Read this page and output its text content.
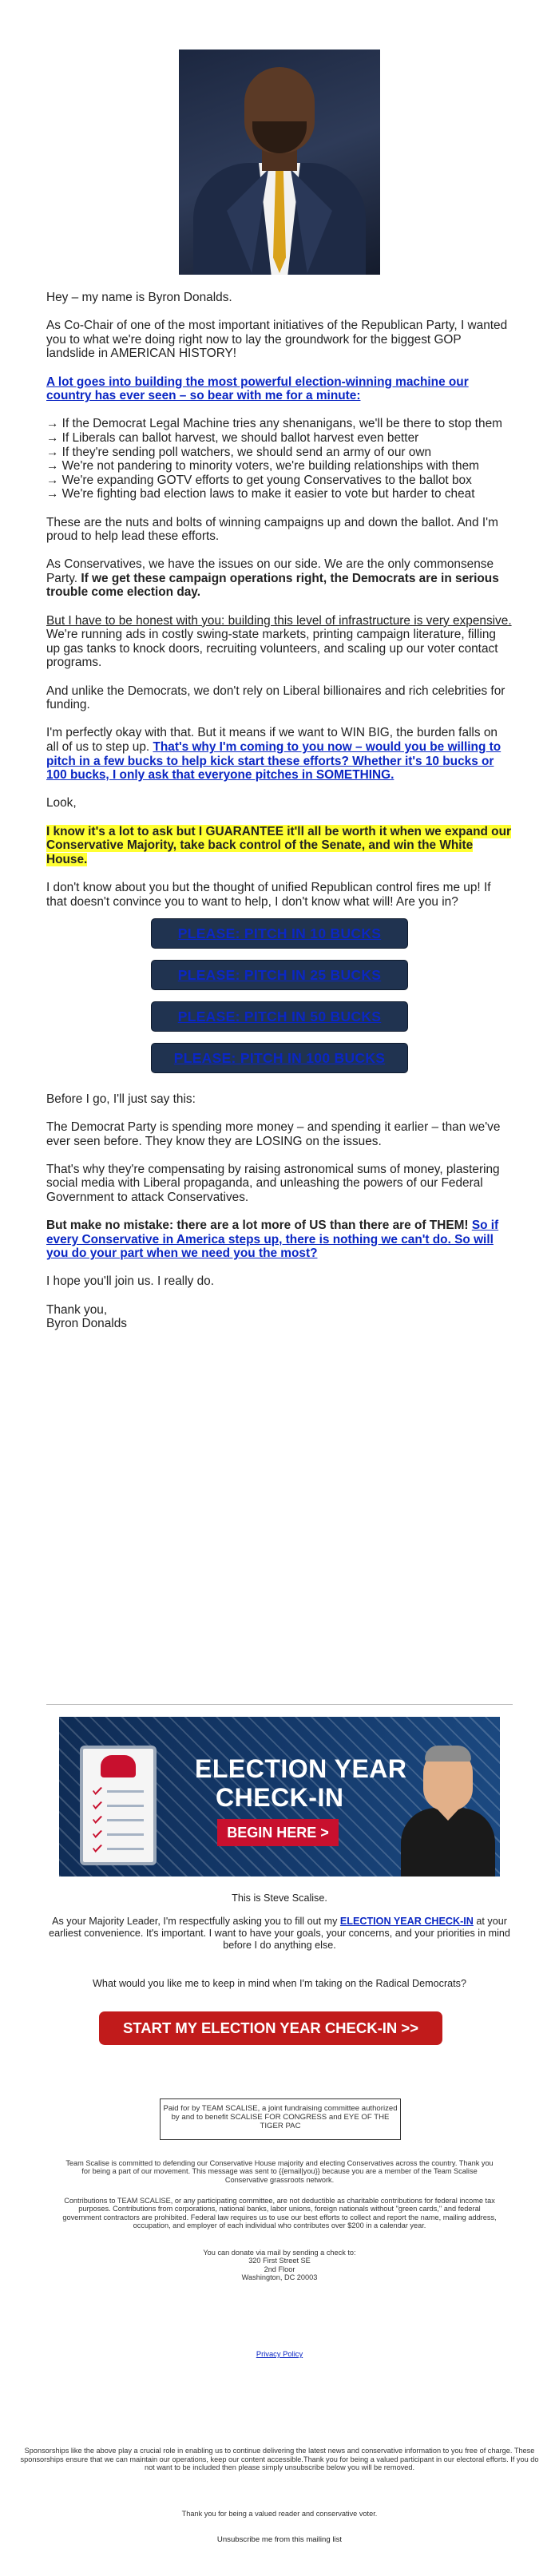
Hey – my name is Byron Donalds.

As Co-Chair of one of the most important initiatives of the Republican Party, I wanted you to what we're doing right now to lay the groundwork for the biggest GOP landslide in AMERICAN HISTORY!

A lot goes into building the most powerful election-winning machine our country has ever seen – so bear with me for a minute:

→ If the Democrat Legal Machine tries any shenanigans, we'll be there to stop them
→ If Liberals can ballot harvest, we should ballot harvest even better
→ If they're sending poll watchers, we should send an army of our own
→ We're not pandering to minority voters, we're building relationships with them
→ We're expanding GOTV efforts to get young Conservatives to the ballot box
→ We're fighting bad election laws to make it easier to vote but harder to cheat

These are the nuts and bolts of winning campaigns up and down the ballot. And I'm proud to help lead these efforts.

As Conservatives, we have the issues on our side. We are the only commonsense Party. If we get these campaign operations right, the Democrats are in serious trouble come election day.

But I have to be honest with you: building this level of infrastructure is very expensive. We're running ads in costly swing-state markets, printing campaign literature, filling up gas tanks to knock doors, recruiting volunteers, and scaling up our voter contact programs.

And unlike the Democrats, we don't rely on Liberal billionaires and rich celebrities for funding.

I'm perfectly okay with that. But it means if we want to WIN BIG, the burden falls on all of us to step up. That's why I'm coming to you now – would you be willing to pitch in a few bucks to help kick start these efforts? Whether it's 10 bucks or 100 bucks, I only ask that everyone pitches in SOMETHING.

Look,

I know it's a lot to ask but I GUARANTEE it'll all be worth it when we expand our Conservative Majority, take back control of the Senate, and win the White House.

I don't know about you but the thought of unified Republican control fires me up! If that doesn't convince you to want to help, I don't know what will! Are you in?

PLEASE: PITCH IN 10 BUCKS
PLEASE: PITCH IN 25 BUCKS
PLEASE: PITCH IN 50 BUCKS
PLEASE: PITCH IN 100 BUCKS

Before I go, I'll just say this:

The Democrat Party is spending more money – and spending it earlier – than we've ever seen before. They know they are LOSING on the issues.

That's why they're compensating by raising astronomical sums of money, plastering social media with Liberal propaganda, and unleashing the powers of our Federal Government to attack Conservatives.

But make no mistake: there are a lot more of US than there are of THEM! So if every Conservative in America steps up, there is nothing we can't do. So will you do your part when we need you the most?

I hope you'll join us. I really do.

Thank you,
Byron Donalds

ELECTION YEAR
CHECK-IN
BEGIN HERE >
This is Steve Scalise.
As your Majority Leader, I'm respectfully asking you to fill out my ELECTION YEAR CHECK-IN at your earliest convenience. It's important. I want to have your goals, your concerns, and your priorities in mind before I do anything else.
What would you like me to keep in mind when I'm taking on the Radical Democrats?
START MY ELECTION YEAR CHECK-IN >>
Paid for by TEAM SCALISE, a joint fundraising committee authorized by and to benefit SCALISE FOR CONGRESS and EYE OF THE TIGER PAC
Team Scalise is committed to defending our Conservative House majority and electing Conservatives across the country. Thank you for being a part of our movement. This message was sent to {{email|you}} because you are a member of the Team Scalise Conservative grassroots network.
Contributions to TEAM SCALISE, or any participating committee, are not deductible as charitable contributions for federal income tax purposes. Contributions from corporations, national banks, labor unions, foreign nationals without "green cards," and federal government contractors are prohibited. Federal law requires us to use our best efforts to collect and report the name, mailing address, occupation, and employer of each individual who contributes over $200 in a calendar year.
You can donate via mail by sending a check to:
320 First Street SE
2nd Floor
Washington, DC 20003
Privacy Policy
Sponsorships like the above play a crucial role in enabling us to continue delivering the latest news and conservative information to you free of charge. These sponsorships ensure that we can maintain our operations, keep our content accessible.Thank you for being a valued participant in our electoral efforts. If you do not want to be included then please simply unsubscribe below you will be removed.
Thank you for being a valued reader and conservative voter.
Unsubscribe me from this mailing list
